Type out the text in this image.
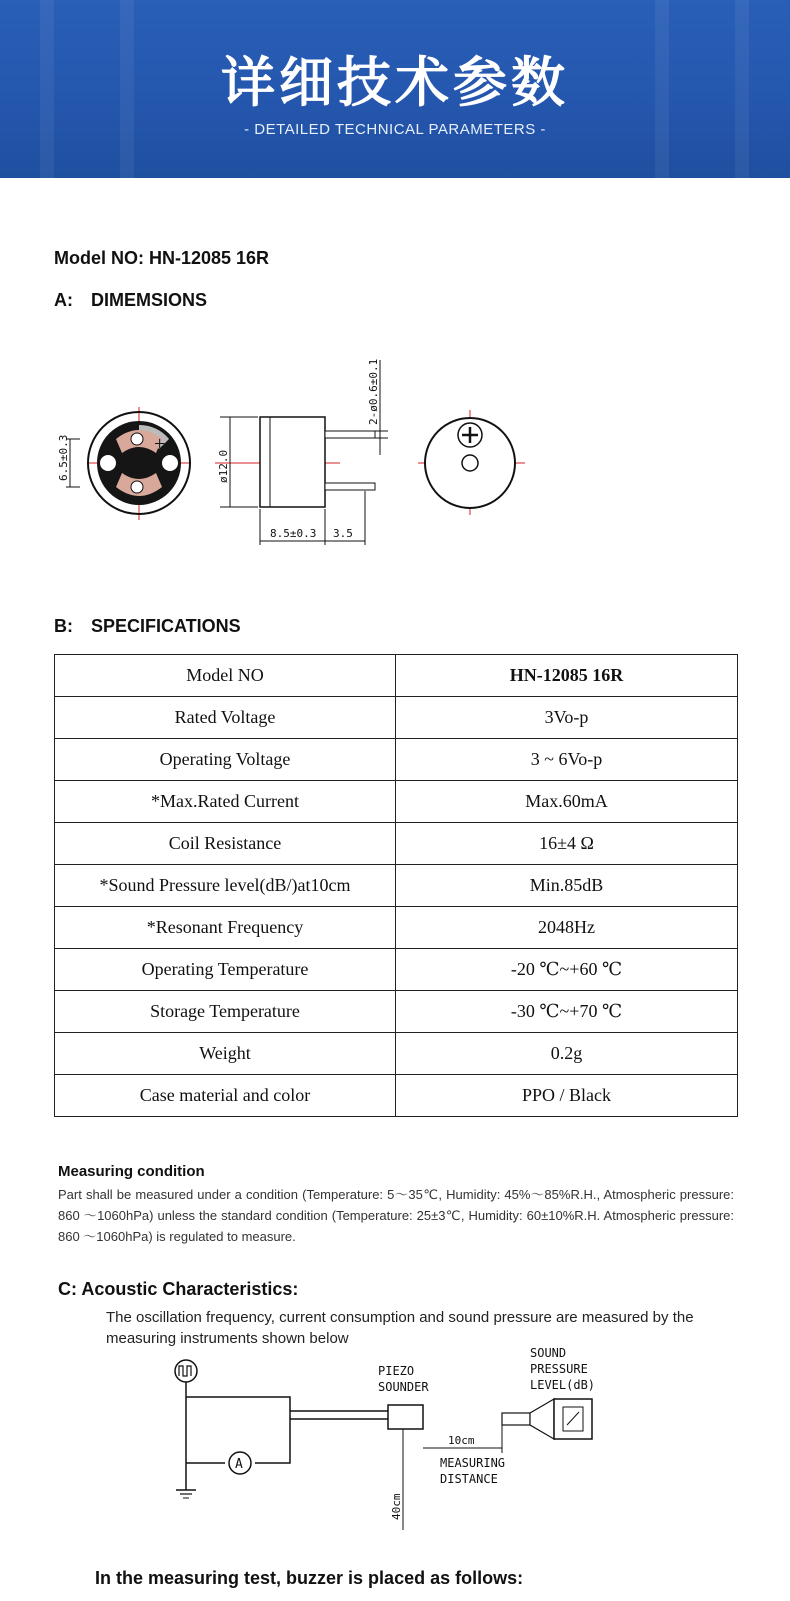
详细技术参数
- DETAILED TECHNICAL PARAMETERS -
Model NO: HN-12085 16R
A: DIMEMSIONS
+
6.5±0.3	ø12.0
8.5±0.3 3.5
2-ø0.6±0.1
B: SPECIFICATIONS
Model NO	HN-12085 16R
Rated Voltage	3Vo-p
Operating Voltage	3 ~ 6Vo-p
*Max.Rated Current	Max.60mA
Coil Resistance	16±4 Ω
*Sound Pressure level(dB/)at10cm	Min.85dB
*Resonant Frequency	2048Hz
Operating Temperature	-20 ℃~+60 ℃
Storage Temperature	-30 ℃~+70 ℃
Weight	0.2g
Case material and color	PPO / Black
Measuring condition
Part shall be measured under a condition (Temperature: 5～35℃, Humidity: 45%～85%R.H., Atmospheric pressure: 860 ～1060hPa) unless the standard condition (Temperature: 25±3℃, Humidity: 60±10%R.H. Atmospheric pressure: 860 ～1060hPa) is regulated to measure.
C: Acoustic Characteristics:
The oscillation frequency, current consumption and sound pressure are measured by the measuring instruments shown below
A
PIEZO
SOUNDER
40cm
10cm
MEASURING
DISTANCE
SOUND
PRESSURE
LEVEL(dB)
In the measuring test, buzzer is placed as follows:
